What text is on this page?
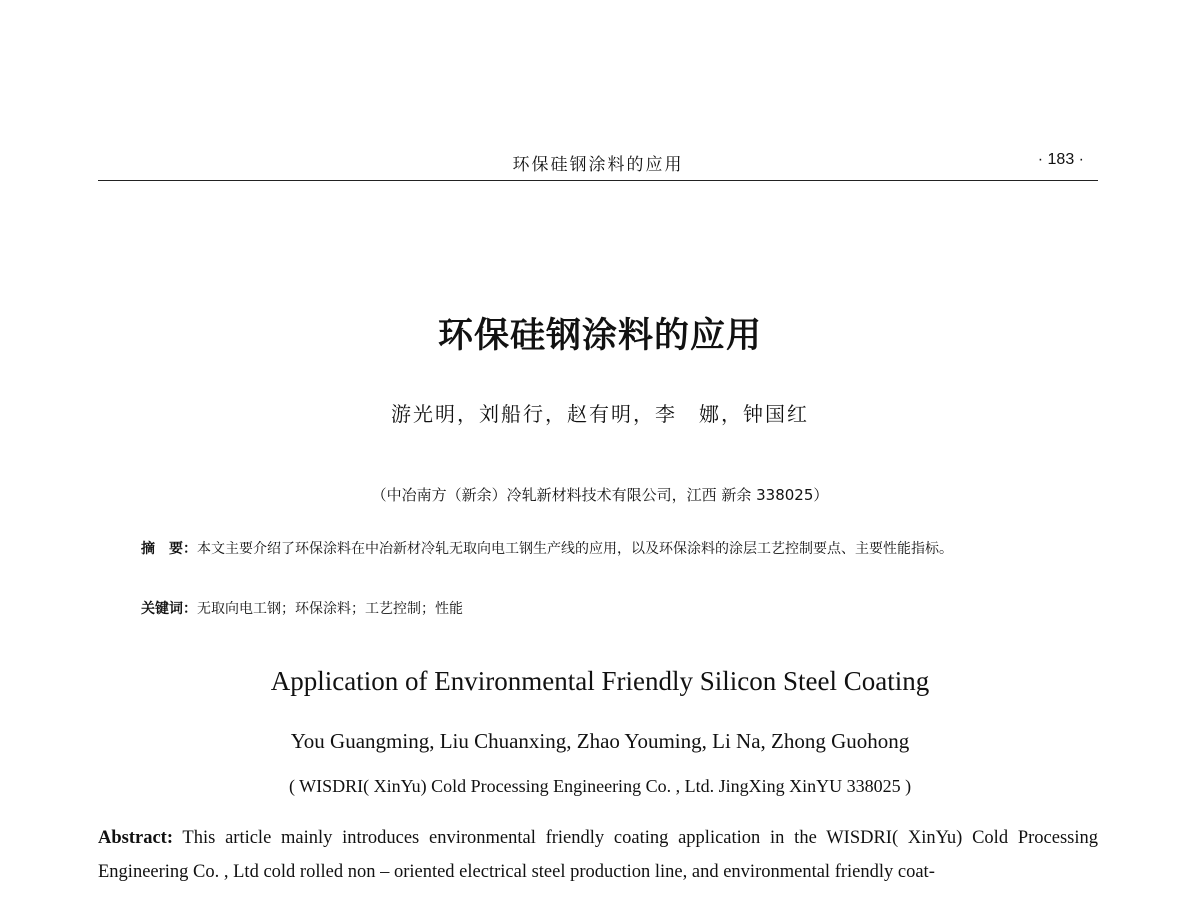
环保硅钢涂料的应用	· 183 ·
环保硅钢涂料的应用
游光明，刘船行，赵有明，李　娜，钟国红
（中冶南方（新余）冷轧新材料技术有限公司，江西 新余 338025）
摘　要：本文主要介绍了环保涂料在中冶新材冷轧无取向电工钢生产线的应用，以及环保涂料的涂层工艺控制要点、主要性能指标。
关键词：无取向电工钢；环保涂料；工艺控制；性能
Application of Environmental Friendly Silicon Steel Coating
You Guangming, Liu Chuanxing, Zhao Youming, Li Na, Zhong Guohong
( WISDRI( XinYu) Cold Processing Engineering Co. , Ltd. JingXing XinYU 338025 )
Abstract: This article mainly introduces environmental friendly coating application in the WISDRI( XinYu) Cold Processing Engineering Co. , Ltd cold rolled non – oriented electrical steel production line, and environmental friendly coat-
